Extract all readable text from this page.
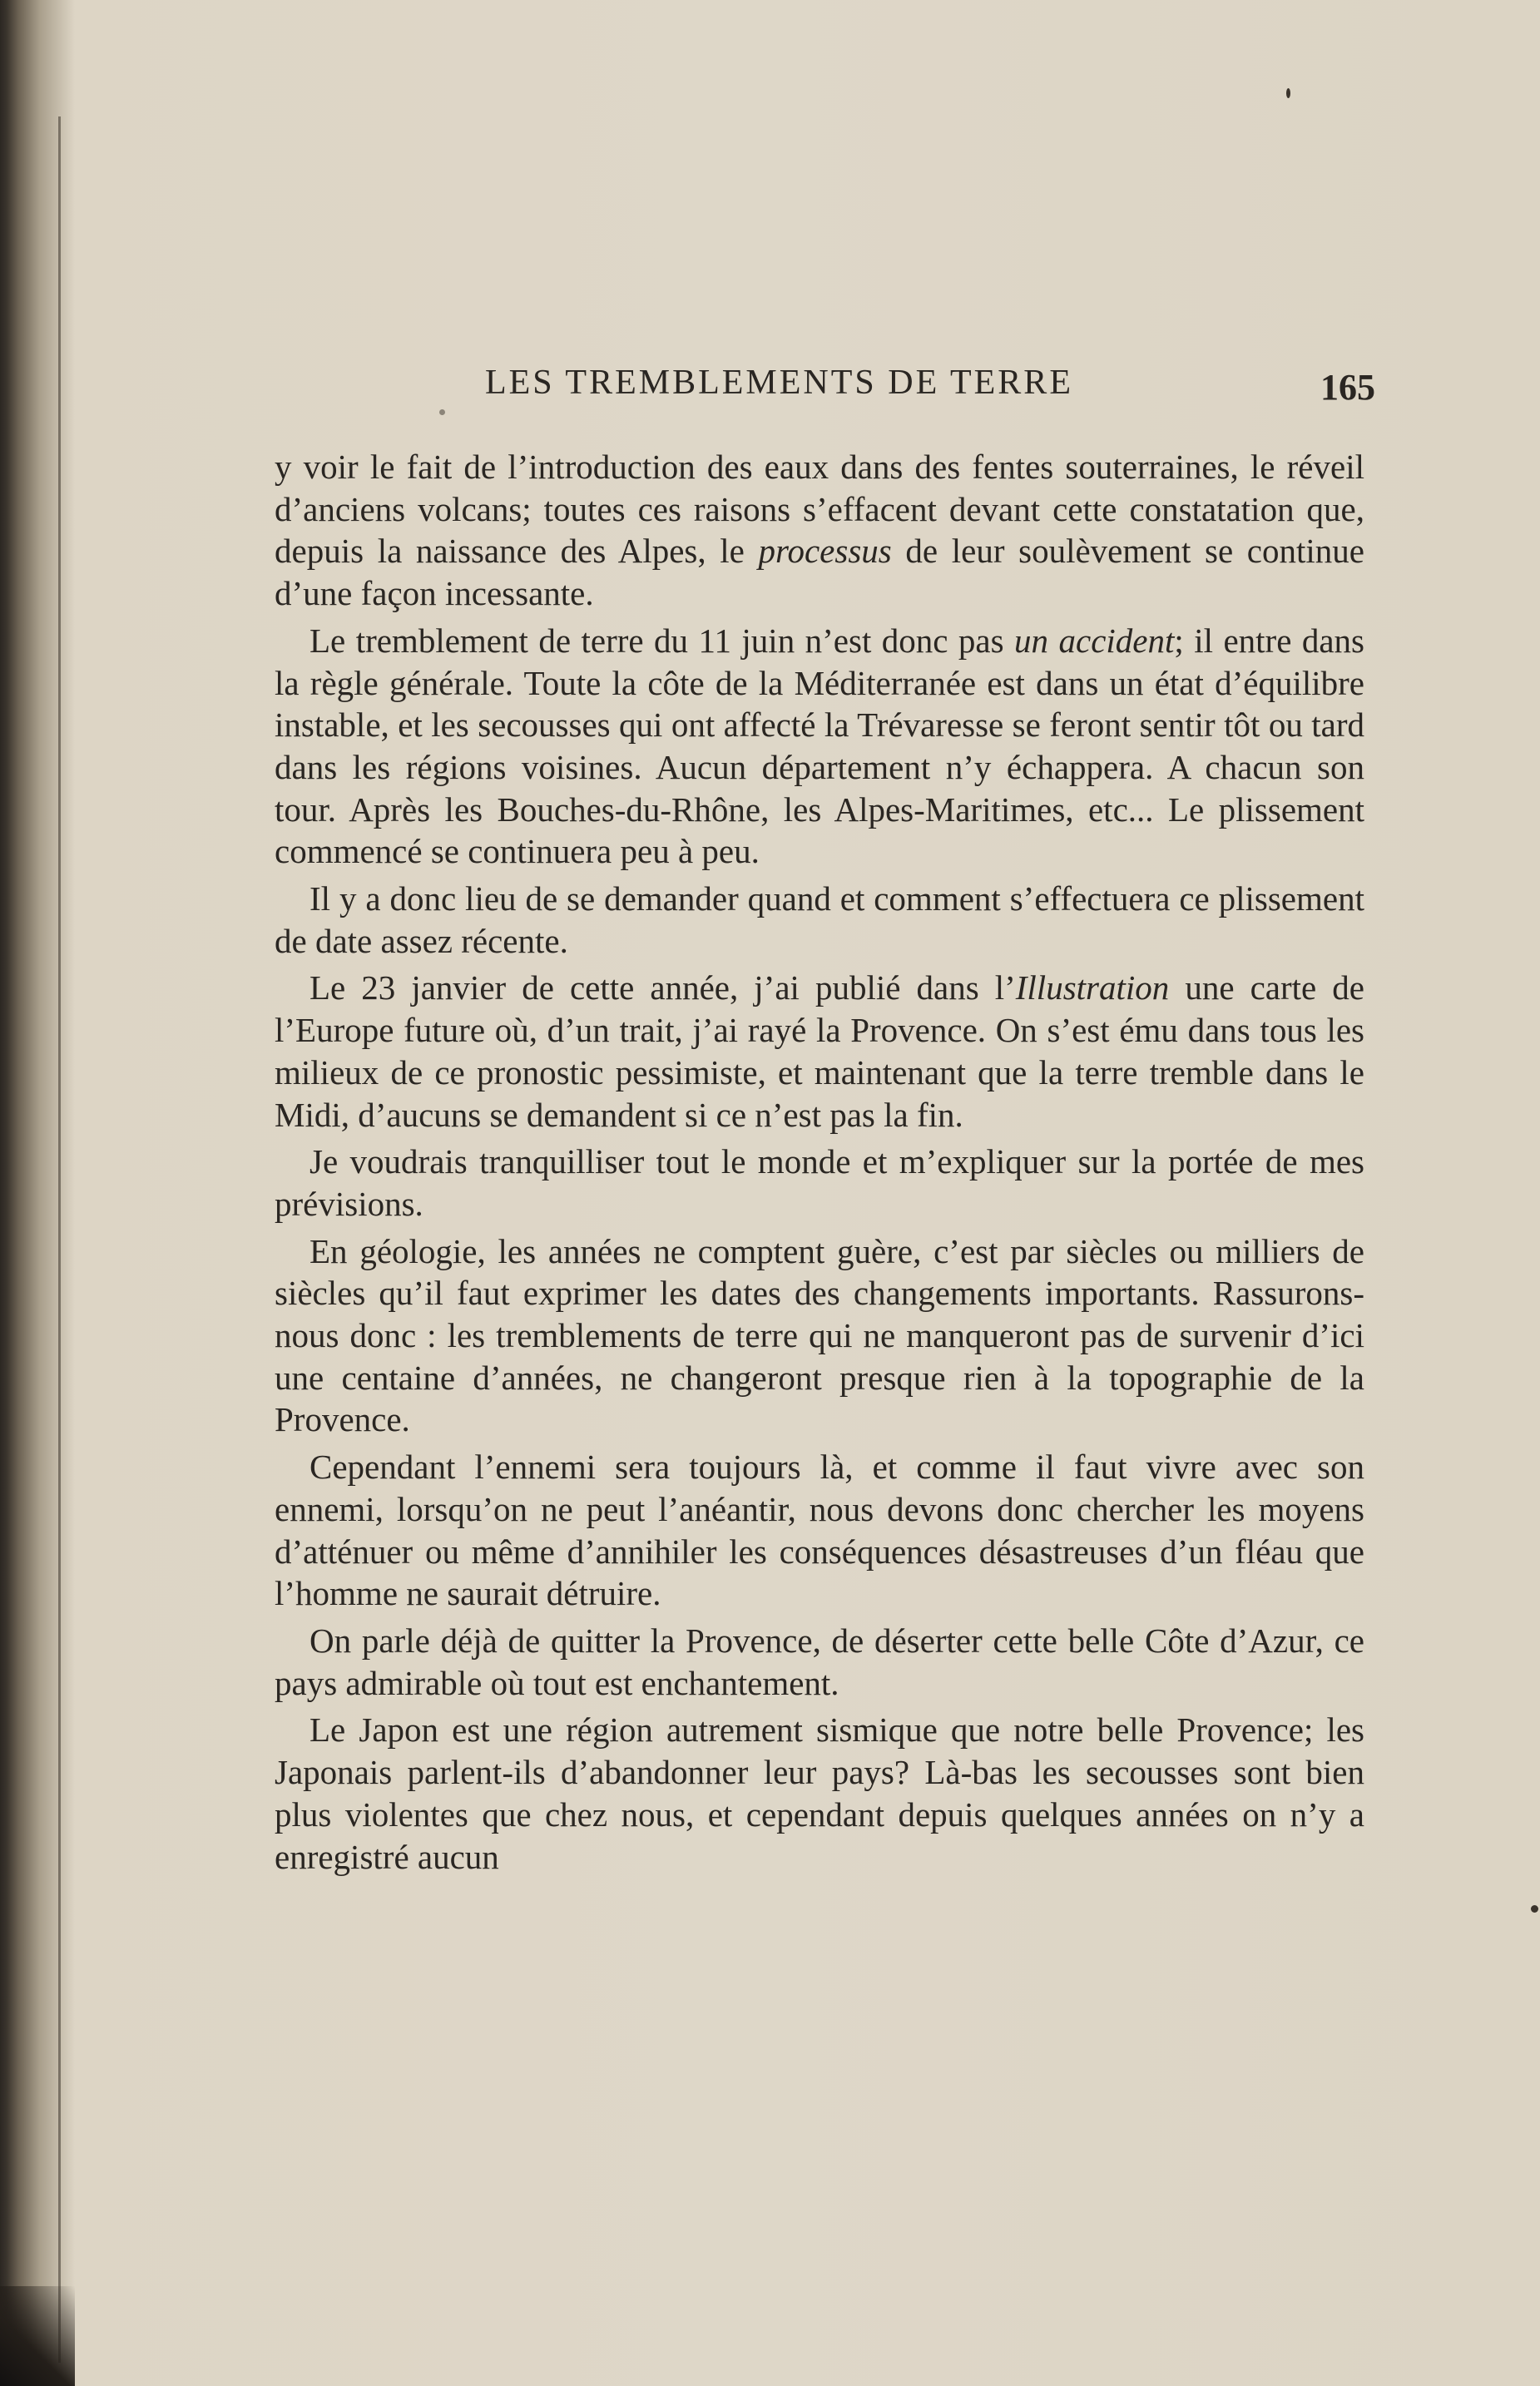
LES TREMBLEMENTS DE TERRE	165

y voir le fait de l’introduction des eaux dans des fentes souterraines, le réveil d’anciens volcans; toutes ces raisons s’effacent devant cette constatation que, depuis la naissance des Alpes, le processus de leur soulèvement se continue d’une façon incessante.

Le tremblement de terre du 11 juin n’est donc pas un accident; il entre dans la règle générale. Toute la côte de la Méditerranée est dans un état d’équilibre instable, et les secousses qui ont affecté la Trévaresse se feront sentir tôt ou tard dans les régions voisines. Aucun département n’y échappera. A chacun son tour. Après les Bouches-du-Rhône, les Alpes-Maritimes, etc... Le plissement commencé se continuera peu à peu.

Il y a donc lieu de se demander quand et comment s’effectuera ce plissement de date assez récente.

Le 23 janvier de cette année, j’ai publié dans l’Illustration une carte de l’Europe future où, d’un trait, j’ai rayé la Provence. On s’est ému dans tous les milieux de ce pronostic pessimiste, et maintenant que la terre tremble dans le Midi, d’aucuns se demandent si ce n’est pas la fin.

Je voudrais tranquilliser tout le monde et m’expliquer sur la portée de mes prévisions.

En géologie, les années ne comptent guère, c’est par siècles ou milliers de siècles qu’il faut exprimer les dates des changements importants. Rassurons-nous donc : les tremblements de terre qui ne manqueront pas de survenir d’ici une centaine d’années, ne changeront presque rien à la topographie de la Provence.

Cependant l’ennemi sera toujours là, et comme il faut vivre avec son ennemi, lorsqu’on ne peut l’anéantir, nous devons donc chercher les moyens d’atténuer ou même d’annihiler les conséquences désastreuses d’un fléau que l’homme ne saurait détruire.

On parle déjà de quitter la Provence, de déserter cette belle Côte d’Azur, ce pays admirable où tout est enchantement.

Le Japon est une région autrement sismique que notre belle Provence; les Japonais parlent-ils d’abandonner leur pays? Là-bas les secousses sont bien plus violentes que chez nous, et cependant depuis quelques années on n’y a enregistré aucun
